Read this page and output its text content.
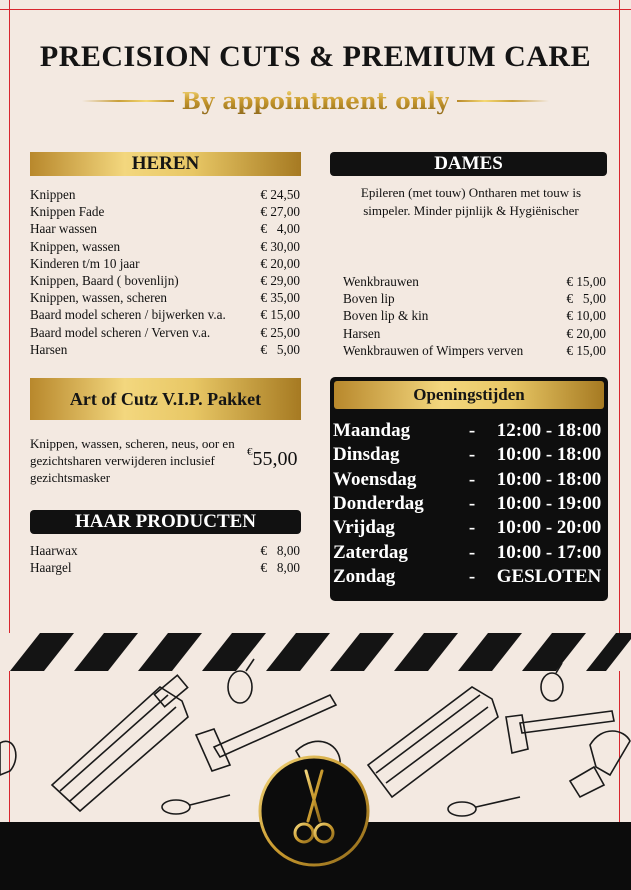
PRECISION CUTS & PREMIUM CARE
By appointment only
HEREN
Knippen	€ 24,50
Knippen Fade	€ 27,00
Haar wassen	€   4,00
Knippen, wassen	€ 30,00
Kinderen t/m 10 jaar	€ 20,00
Knippen, Baard ( bovenlijn)	€ 29,00
Knippen, wassen, scheren	€ 35,00
Baard model scheren / bijwerken v.a.	€ 15,00
Baard model scheren / Verven v.a.	€ 25,00
Harsen	€   5,00
DAMES
Epileren (met touw) Ontharen met touw is simpeler. Minder pijnlijk & Hygiënischer
Wenkbrauwen	€ 15,00
Boven lip	€   5,00
Boven lip & kin	€ 10,00
Harsen	€ 20,00
Wenkbrauwen of Wimpers verven	€ 15,00
Art of Cutz V.I.P. Pakket
Knippen, wassen, scheren, neus, oor en gezichtsharen verwijderen inclusief gezichtsmasker
€55,00
HAAR PRODUCTEN
Haarwax	€   8,00
Haargel	€   8,00
Openingstijden
Maandag	-	12:00 - 18:00
Dinsdag	-	10:00 - 18:00
Woensdag	-	10:00 - 18:00
Donderdag	-	10:00 - 19:00
Vrijdag	-	10:00 - 20:00
Zaterdag	-	10:00 - 17:00
Zondag	-	GESLOTEN
